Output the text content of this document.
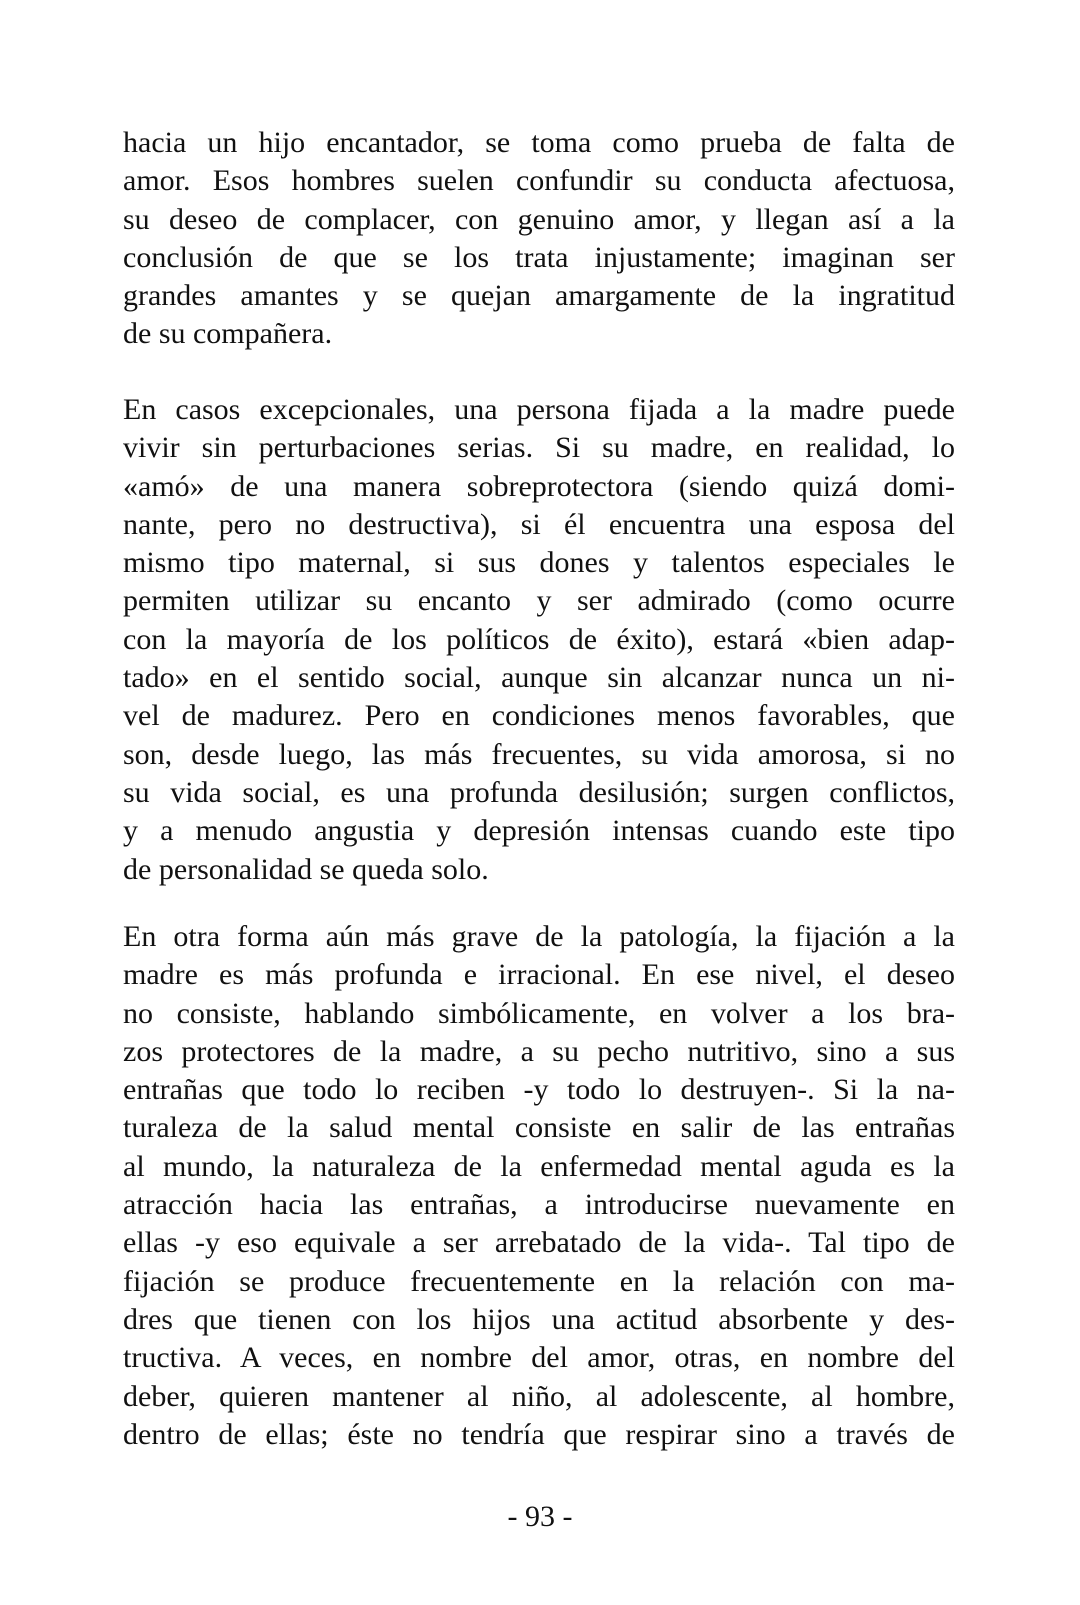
hacia un hijo encantador, se toma como prueba de falta de
amor. Esos hombres suelen confundir su conducta afectuosa,
su deseo de complacer, con genuino amor, y llegan así a la
conclusión de que se los trata injustamente; imaginan ser
grandes amantes y se quejan amargamente de la ingratitud
de su compañera.
En casos excepcionales, una persona fijada a la madre puede
vivir sin perturbaciones serias. Si su madre, en realidad, lo
«amó» de una manera sobreprotectora (siendo quizá domi-
nante, pero no destructiva), si él encuentra una esposa del
mismo tipo maternal, si sus dones y talentos especiales le
permiten utilizar su encanto y ser admirado (como ocurre
con la mayoría de los políticos de éxito), estará «bien adap-
tado» en el sentido social, aunque sin alcanzar nunca un ni-
vel de madurez. Pero en condiciones menos favorables, que
son, desde luego, las más frecuentes, su vida amorosa, si no
su vida social, es una profunda desilusión; surgen conflictos,
y a menudo angustia y depresión intensas cuando este tipo
de personalidad se queda solo.
En otra forma aún más grave de la patología, la fijación a la
madre es más profunda e irracional. En ese nivel, el deseo
no consiste, hablando simbólicamente, en volver a los bra-
zos protectores de la madre, a su pecho nutritivo, sino a sus
entrañas que todo lo reciben -y todo lo destruyen-. Si la na-
turaleza de la salud mental consiste en salir de las entrañas
al mundo, la naturaleza de la enfermedad mental aguda es la
atracción hacia las entrañas, a introducirse nuevamente en
ellas -y eso equivale a ser arrebatado de la vida-. Tal tipo de
fijación se produce frecuentemente en la relación con ma-
dres que tienen con los hijos una actitud absorbente y des-
tructiva. A veces, en nombre del amor, otras, en nombre del
deber, quieren mantener al niño, al adolescente, al hombre,
dentro de ellas; éste no tendría que respirar sino a través de
- 93 -
